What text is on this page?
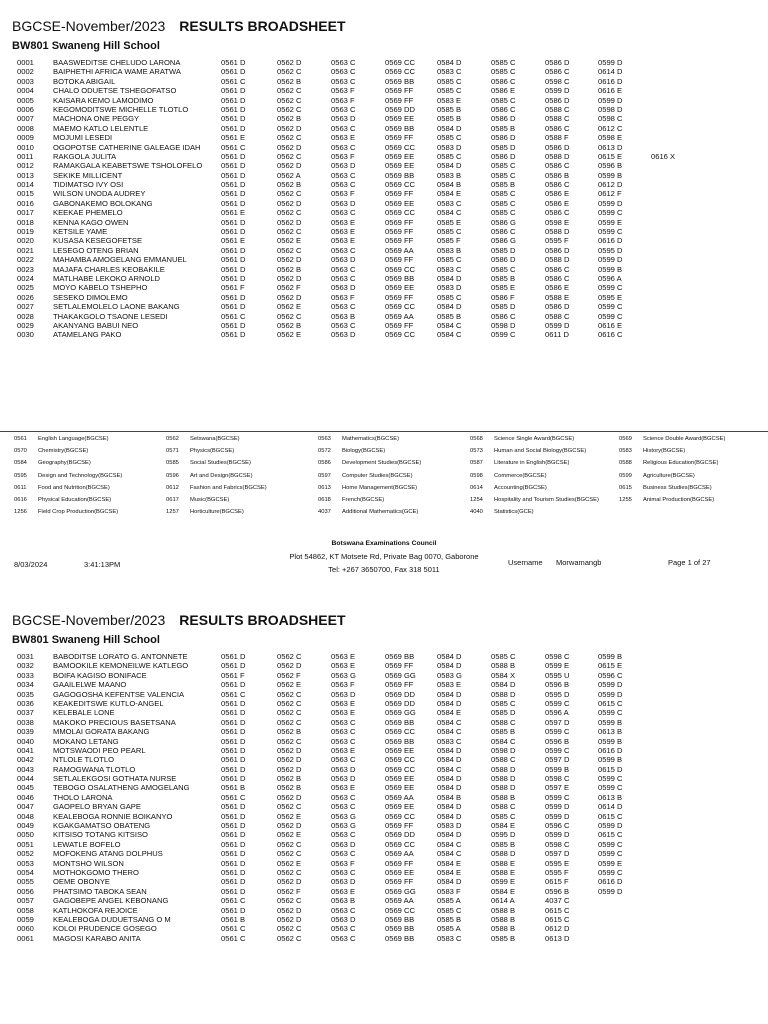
BGCSE-November/2023 RESULTS BROADSHEET
BW801 Swaneng Hill School
0001	BAASWEDITSE CHELUDO LARONA	0561 D	0562 D	0563 C	0569 CC	0584 D	0585 C	0586 D	0599 D
0002	BAIPHETHI AFRICA WAME ARATWA	0561 D	0562 C	0563 C	0569 CC	0583 C	0585 C	0586 C	0614 D
0003	BOTOKA ABIGAIL	0561 C	0562 B	0563 C	0569 BB	0585 C	0586 C	0598 C	0616 D
0004	CHALO ODUETSE TSHEGOFATSO	0561 D	0562 C	0563 F	0569 FF	0585 C	0586 E	0599 D	0616 E
0005	KAISARA KEMO LAMODIMO	0561 D	0562 C	0563 F	0569 FF	0583 E	0585 C	0586 D	0599 D
0006	KEGOMODITSWE MICHELLE TLOTLO	0561 D	0562 C	0563 C	0569 DD	0585 B	0586 C	0588 C	0598 D
0007	MACHONA ONE PEGGY	0561 D	0562 B	0563 D	0569 EE	0585 B	0586 D	0588 C	0598 C
0008	MAEMO KATLO LELENTLE	0561 D	0562 D	0563 C	0569 BB	0584 D	0585 B	0586 C	0612 C
0009	MOJUMI LESEDI	0561 E	0562 C	0563 E	0569 FF	0585 C	0586 D	0588 F	0598 E
0010	OGOPOTSE CATHERINE GALEAGE IDAH	0561 C	0562 D	0563 C	0569 CC	0583 D	0585 D	0586 D	0613 D
0011	RAKGOLA JULITA	0561 D	0562 C	0563 F	0569 EE	0585 C	0586 D	0588 D	0615 E	0616 X
0012	RAMAKGALA KEABETSWE TSHOLOFELO	0561 D	0562 D	0563 D	0569 EE	0584 D	0585 C	0586 C	0596 B
0013	SEKIKE MILLICENT	0561 D	0562 A	0563 C	0569 BB	0583 B	0585 C	0586 B	0599 B
0014	TIDIMATSO IVY OSI	0561 D	0562 B	0563 C	0569 CC	0584 B	0585 B	0586 C	0612 D
0015	WILSON UNODA AUDREY	0561 D	0562 C	0563 F	0569 FF	0584 E	0585 C	0586 E	0612 F
0016	GABONAKEMO BOLOKANG	0561 D	0562 D	0563 D	0569 EE	0583 C	0585 C	0586 E	0599 D
0017	KEEKAE PHEMELO	0561 E	0562 C	0563 C	0569 CC	0584 C	0585 C	0586 C	0599 C
0018	KENNA KAGO OWEN	0561 D	0562 D	0563 E	0569 FF	0585 E	0586 G	0598 E	0599 E
0019	KETSILE YAME	0561 D	0562 C	0563 E	0569 FF	0585 C	0586 C	0588 D	0599 C
0020	KUSASA KESEGOFETSE	0561 E	0562 E	0563 E	0569 FF	0585 F	0586 G	0595 F	0616 D
0021	LESEGO OTENG BRIAN	0561 D	0562 C	0563 C	0569 AA	0583 B	0585 D	0586 D	0595 D
0022	MAHAMBA AMOGELANG EMMANUEL	0561 D	0562 D	0563 D	0569 FF	0585 C	0586 D	0588 D	0599 D
0023	MAJAFA CHARLES KEOBAKILE	0561 D	0562 B	0563 C	0569 CC	0583 C	0585 C	0586 C	0599 B
0024	MATLHABE LEKOKO ARNOLD	0561 D	0562 D	0563 C	0569 BB	0584 D	0585 B	0586 C	0596 A
0025	MOYO KABELO TSHEPHO	0561 F	0562 F	0563 D	0569 EE	0583 D	0585 E	0586 E	0599 C
0026	SESEKO DIMOLEMO	0561 D	0562 D	0563 F	0569 FF	0585 C	0586 F	0588 E	0595 E
0027	SETLALEMOLELO LAONE BAKANG	0561 D	0562 E	0563 C	0569 CC	0584 D	0585 D	0586 D	0599 C
0028	THAKAKGOLO TSAONE LESEDI	0561 C	0562 C	0563 B	0569 AA	0585 B	0586 C	0588 C	0599 C
0029	AKANYANG BABUI NEO	0561 D	0562 B	0563 C	0569 FF	0584 C	0598 D	0599 D	0616 E
0030	ATAMELANG PAKO	0561 D	0562 E	0563 D	0569 CC	0584 C	0599 C	0611 D	0616 C
0561 English Language(BGCSE)	0562 Setswana(BGCSE)	0563 Mathematics(BGCSE)	0568 Science Single Award(BGCSE)	0569 Science Double Award(BGCSE)
0570 Chemistry(BGCSE)	0571 Physics(BGCSE)	0572 Biology(BGCSE)	0573 Human and Social Biology(BGCSE)	0583 History(BGCSE)
0584 Geography(BGCSE)	0585 Social Studies(BGCSE)	0586 Development Studies(BGCSE)	0587 Literature in English(BGCSE)	0588 Religious Education(BGCSE)
0595 Design and Technology(BGCSE)	0596 Art and Design(BGCSE)	0597 Computer Studies(BGCSE)	0598 Commerce(BGCSE)	0599 Agriculture(BGCSE)
0611 Food and Nutrition(BGCSE)	0612 Fashion and Fabrics(BGCSE)	0613 Home Management(BGCSE)	0614 Accounting(BGCSE)	0615 Business Studies(BGCSE)
0616 Physical Education(BGCSE)	0617 Music(BGCSE)	0618 French(BGCSE)	1254 Hospitality and Tourism Studies(BGCSE)	1255 Animal Production(BGCSE)
1256 Field Crop Production(BGCSE)	1257 Horticulture(BGCSE)	4037 Additional Mathematics(GCE)	4040 Statistics(GCE)
8/03/2024	3:41:13PM
Botswana Examinations Council
Plot 54862, KT Motsete Rd, Private Bag 0070, Gaborone
Tel: +267 3650700, Fax 318 5011
Username Morwamangb	Page 1 of 27
BGCSE-November/2023 RESULTS BROADSHEET
BW801 Swaneng Hill School
0031	BABODITSE LORATO G. ANTONNETE	0561 D	0562 C	0563 E	0569 BB	0584 D	0585 C	0598 C	0599 B
0032	BAMOOKILE KEMONEILWE KATLEGO	0561 D	0562 D	0563 E	0569 FF	0584 D	0588 B	0599 E	0615 E
0033	BOIFA KAGISO BONIFACE	0561 F	0562 F	0563 G	0569 GG	0583 G	0584 X	0595 U	0596 C
0034	GAAILELWE MAANO	0561 D	0562 E	0563 F	0569 FF	0583 E	0584 D	0596 B	0599 D
0035	GAGOGOSHA KEFENTSE VALENCIA	0561 C	0562 C	0563 D	0569 DD	0584 D	0588 D	0595 D	0599 D
0036	KEAKEDITSWE KUTLO-ANGEL	0561 D	0562 C	0563 E	0569 DD	0584 D	0585 C	0599 C	0615 C
0037	KELEBALE LONE	0561 D	0562 C	0563 E	0569 GG	0584 E	0585 D	0596 A	0599 C
0038	MAKOKO PRECIOUS BASETSANA	0561 D	0562 C	0563 C	0569 BB	0584 C	0588 C	0597 D	0599 B
0039	MMOLAI GORATA BAKANG	0561 D	0562 B	0563 C	0569 CC	0584 C	0585 B	0599 C	0613 B
0040	MOKANO LETANG	0561 D	0562 C	0563 C	0569 BB	0583 C	0584 C	0596 B	0599 B
0041	MOTSWAODI PEO PEARL	0561 D	0562 D	0563 E	0569 EE	0584 D	0598 D	0599 C	0616 D
0042	NTLOLE TLOTLO	0561 D	0562 D	0563 C	0569 CC	0584 D	0588 C	0597 D	0599 B
0043	RAMOGWANA TLOTLO	0561 D	0562 D	0563 D	0569 CC	0584 C	0588 D	0599 B	0615 D
0044	SETLALEKGOSI GOTHATA NURSE	0561 D	0562 B	0563 D	0569 EE	0584 D	0588 D	0598 C	0599 C
0045	TEBOGO OSALATHENG AMOGELANG	0561 B	0562 B	0563 E	0569 EE	0584 D	0588 D	0597 E	0599 C
0046	THOLO LARONA	0561 C	0562 D	0563 C	0569 AA	0584 B	0588 B	0599 C	0613 B
0047	GAOPELO BRYAN GAPE	0561 D	0562 C	0563 C	0569 EE	0584 D	0588 C	0599 D	0614 D
0048	KEALEBOGA RONNIE BOIKANYO	0561 D	0562 E	0563 G	0569 CC	0584 D	0585 C	0599 D	0615 C
0049	KGAKGAMATSO OBATENG	0561 D	0562 D	0563 G	0569 FF	0583 D	0584 E	0596 C	0599 D
0050	KITSISO TOTANG KITSISO	0561 D	0562 E	0563 C	0569 DD	0584 D	0595 D	0599 D	0615 C
0051	LEWATLE BOFELO	0561 D	0562 C	0563 D	0569 CC	0584 C	0585 B	0598 C	0599 C
0052	MOFOKENG ATANG DOLPHUS	0561 D	0562 C	0563 C	0569 AA	0584 C	0588 D	0597 D	0599 C
0053	MONTSHO WILSON	0561 D	0562 E	0563 F	0569 FF	0584 E	0588 E	0595 E	0599 E
0054	MOTHOKGOMO THERO	0561 D	0562 C	0563 C	0569 EE	0584 E	0588 E	0595 F	0599 C
0055	OEME OBONYE	0561 D	0562 D	0563 D	0569 FF	0584 D	0599 E	0615 F	0616 D
0056	PHATSIMO TABOKA SEAN	0561 D	0562 F	0563 E	0569 GG	0583 F	0584 E	0596 B	0599 D
0057	GAGOBEPE ANGEL KEBONANG	0561 C	0562 C	0563 B	0569 AA	0585 A	0614 A	4037 C
0058	KATLHOKOFA REJOICE	0561 D	0562 D	0563 C	0569 CC	0585 C	0588 B	0615 C
0059	KEALEBOGA DUDUETSANG O M	0561 B	0562 D	0563 D	0569 BB	0585 B	0588 B	0615 C
0060	KOLOI PRUDENCE GOSEGO	0561 C	0562 C	0563 C	0569 BB	0585 A	0588 B	0612 D
0061	MAGOSI KARABO ANITA	0561 C	0562 C	0563 C	0569 BB	0583 C	0585 B	0613 D
